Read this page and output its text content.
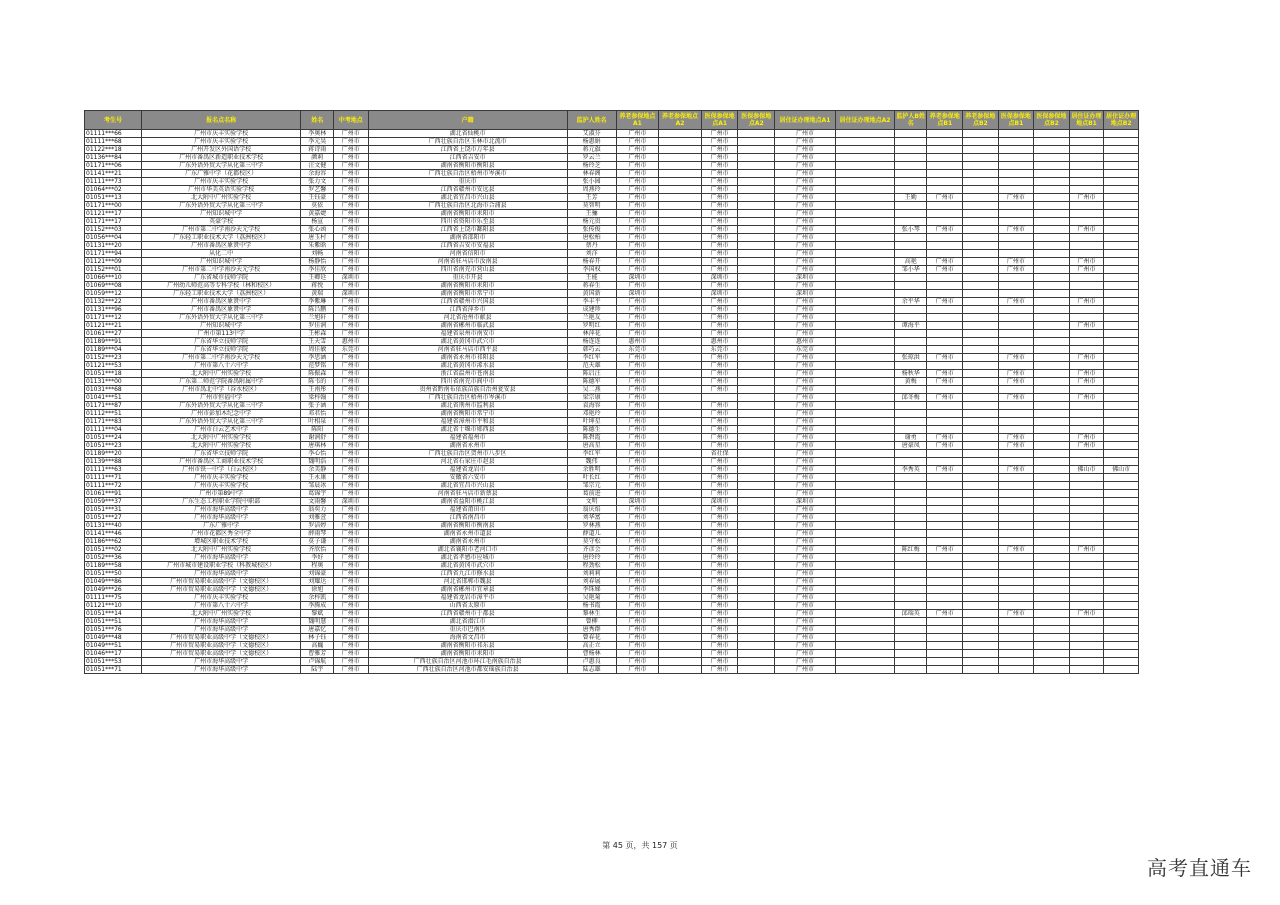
考生号	报名点名称	姓名	中考地点	户籍	监护人姓名	养老参保地点A1	养老参保地点A2	医保参保地点A1	医保参保地点A2	居住证办理地点A1	居住证办理地点A2	监护人B姓名	养老参保地点B1	养老参保地点B2	医保参保地点B1	医保参保地点B2	居住证办理地点B1	居住证办理地点B2
01111***66	广州市庆丰实验学校	李奥林	广州市	湖北省仙桃市	艾淑芬	广州市		广州市		广州市								
01111***68	广州市庆丰实验学校	李元昊	广州市	广西壮族自治区玉林市北流市	杨惠娟	广州市		广州市		广州市								
01122***18	广州开发区外国语学校	蒋诗雨	广州市	江西省上饶市万年县	蒋元旗	广州市		广州市		广州市								
01136***84	广州市番禺区新造职业技术学校	颜莉	广州市	江西省吉安市	罗云兰	广州市		广州市		广州市								
01171***06	广东外语外贸大学从化第三中学	汪文健	广州市	湖南省衡阳市衡阳县	杨玲芝	广州市		广州市		广州市								
01141***21	广东广雅中学（花都校区）	余海容	广州市	广西壮族自治区梧州市岑溪市	林春阁	广州市		广州市		广州市								
01111***73	广州市庆丰实验学校	张力文	广州市	重庆市	张小园	广州市		广州市		广州市								
01064***02	广州市华美英语实验学校	罗艺馨	广州市	江西省赣州市安远县	周燕玲	广州市		广州市		广州市								
01051***13	北大附中广州实验学校	王钰豪	广州市	湖北省宜昌市兴山县	王芳	广州市		广州市		广州市		王勤	广州市		广州市		广州市	
01171***00	广东外语外贸大学从化第三中学	莫依	广州市	广西壮族自治区北海市合浦县	莫智明	广州市		广州市		广州市								
01121***17	广州知识城中学	黄嘉婕	广州市	湖南省衡阳市耒阳市	王骊	广州市		广州市		广州市								
01171***17	英豪学校	杨宣	广州市	四川省资阳市乐至县	杨元贵	广州市		广州市		广州市								
01152***03	广州市第二中学南沙天元学校	张心函	广州市	江西省上饶市鄱阳县	张传俊	广州市		广州市		广州市		张小琴	广州市		广州市		广州市	
01056***04	广东轻工职业技术大学（荔洲校区）	唐玉村	广州市	湖南省邵阳市	唐松柏	广州市		广州市		广州市								
01131***20	广州市番禺区象贤中学	朱紫晗	广州市	江西省吉安市安福县	蔡丹	广州市		广州市		广州市								
01171***94	从化二中	刘畅	广州市	河南省信阳市	刘洋	广州市		广州市		广州市								
01121***09	广州知识城中学	杨静怡	广州市	河南省驻马店市汝南县	杨春开	广州市		广州市		广州市		高艳	广州市		广州市		广州市	
01152***01	广州市第二中学南沙天元学校	李佳欣	广州市	四川省南充市营山县	李国权	广州市		广州市		广州市		邹小华	广州市		广州市		广州市	
01066***10	广东省城市技师学院	王卿廷	深圳市	重庆市开县	王能	深圳市		深圳市		深圳市								
01069***08	广州幼儿师范高等专科学校（林和校区）	蒋悦	广州市	湖南省衡阳市耒阳市	蒋春生	广州市		广州市		广州市								
01059***12	广东轻工职业技术大学（荔洲校区）	黄瑞	深圳市	湖南省衡阳市常宁市	黄国新	深圳市		深圳市		深圳市								
01132***22	广州市番禺区象贤中学	李紫琳	广州市	江西省赣州市兴国县	李丰平	广州市		广州市		广州市		余平华	广州市		广州市		广州市	
01131***96	广州市番禺区象贤中学	陈吕鹏	广州市	江西省萍乡市	成建珍	广州市		广州市		广州市								
01171***12	广东外语外贸大学从化第三中学	兰旭轩	广州市	河北省沧州市献县	兰艳友	广州市		广州市		广州市								
01121***21	广州知识城中学	罗佳润	广州市	湖南省郴州市临武县	罗明红	广州市		广州市		广州市		谭海平					广州市	
01061***27	广州市第113中学	王彬森	广州市	福建省泉州市南安市	林萍花	广州市		广州市		广州市								
01189***91	广东省华立技师学院	王天雪	惠州市	湖北省黄冈市武穴市	杨连连	惠州市		惠州市		惠州市								
01189***04	广东省华立技师学院	周佳敏	东莞市	河南省驻马店市西平县	韩巧云	东莞市		东莞市		东莞市								
01152***23	广州市第二中学南沙天元学校	李思涵	广州市	湖南省永州市祁阳县	李红军	广州市		广州市		广州市		张琼洪	广州市		广州市		广州市	
01121***53	广州市第八十六中学	范梦铭	广州市	湖北省黄冈市浠水县	范天雄	广州市		广州市		广州市								
01051***18	北大附中广州实验学校	陈振森	广州市	浙江省温州市苍南县	陈启汪	广州市		广州市		广州市		杨秋华	广州市		广州市		广州市	
01131***00	广东第二师范学院番禺附属中学	陈韦的	广州市	四川省南充市阆中市	陈德军	广州市		广州市		广州市		黄梅	广州市		广州市		广州市	
01031***68	广州市禺北中学（谷水校区）	王南彤	广州市	贵州省黔南布依族苗族自治州瓮安县	吴二燕	广州市		广州市		广州市								
01041***51	广州市恒福中学	梁梓翰	广州市	广西壮族自治区梧州市岑溪市	梁宗康	广州市				广州市		邱冬梅	广州市		广州市		广州市	
01171***87	广东外语外贸大学从化第三中学	张子涵	广州市	湖北省荆州市监利县	袁海容	广州市		广州市		广州市								
01112***51	广州市彭加木纪念中学	邓君怡	广州市	湖南省衡阳市常宁市	邓艳玲	广州市		广州市		广州市								
01171***83	广东外语外贸大学从化第三中学	叶相泉	广州市	福建省漳州市平和县	叶坤星	广州市		广州市		广州市								
01111***04	广州市白云艺术中学	陈阳	广州市	湖北省十堰市郧西县	陈德生	广州市		广州市		广州市								
01051***24	北大附中广州实验学校	谢润舒	广州市	福建省福州市	陈碧霞	广州市		广州市		广州市		谢勇	广州市		广州市		广州市	
01051***23	北大附中广州实验学校	唐琪林	广州市	湖南省永州市	唐高星	广州市		广州市		广州市		唐豪凤	广州市		广州市		广州市	
01189***20	广东省华立技师学院	李心怡	广州市	广西壮族自治区贺州市八步区	李红军	广州市		省社保		广州市								
01139***88	广州市番禺区工商职业技术学校	魏明浩	广州市	河北省石家庄市赵县	魏伟	广州市		广州市		广州市								
01111***63	广州市铁一中学（白云校区）	余美静	广州市	福建省龙岩市	余胜明	广州市		广州市		广州市		李秀英	广州市		广州市		佛山市	佛山市
01111***71	广州市庆丰实验学校	王永康	广州市	安徽省六安市	叶长红	广州市		广州市		广州市								
01111***72	广州市庆丰实验学校	邹晨冰	广州市	湖北省宜昌市兴山县	邹宗元	广州市		广州市		广州市								
01061***91	广州市第89中学	葛锦宇	广州市	河南省驻马店市新蔡县	葛前进	广州市		广州市		广州市								
01059***37	广东生态工程职业学院中职部	文雨馨	深圳市	湖南省益阳市桃江县	文明	深圳市		深圳市		深圳市								
01051***31	广州市海华高级中学	翁奕力	广州市	福建省莆田市	翁庆焰	广州市		广州市		广州市								
01051***27	广州市海华高级中学	刘雅萱	广州市	江西省南昌市	刘华富	广州市		广州市		广州市								
01131***40	广东广雅中学	罗洁婷	广州市	湖南省衡阳市衡南县	罗林燕	广州市		广州市		广州市								
01141***46	广州市花都区秀全中学	薛雨琴	广州市	湖南省永州市道县	薛道儿	广州市		广州市		广州市								
01186***62	增城区职业技术学校	莫子谦	广州市	湖南省永州市	莫守松	广州市		广州市		广州市								
01051***02	北大附中广州实验学校	齐欣怡	广州市	湖北省襄阳市老河口市	齐彦会	广州市		广州市		广州市		陈红梅	广州市		广州市		广州市	
01052***36	广州市海华高级中学	李好	广州市	湖北省孝感市应城市	唐玲玲	广州市		广州市		广州市								
01189***58	广州市城市建设职业学校（科教城校区）	程奥	广州市	湖北省黄冈市武穴市	程劲松	广州市		广州市		广州市								
01051***50	广州市海华高级中学	刘锦豪	广州市	江西省九江市修水县	刘莉莉	广州市		广州市		广州市								
01049***86	广州市贸易职业高级中学（文德校区）	刘耀达	广州市	河北省邯郸市魏县	刘春展	广州市		广州市		广州市								
01049***26	广州市贸易职业高级中学（文德校区）	徐旭	广州市	湖南省郴州市宜章县	李珠娣	广州市		广州市		广州市								
01111***75	广州市庆丰实验学校	余梓凯	广州市	福建省龙岩市漳平市	吴艳菊	广州市		广州市		广州市								
01121***10	广州市第八十六中学	李腾成	广州市	山西省太原市	杨书霞	广州市		广州市		广州市								
01051***14	北大附中广州实验学校	黎斌	广州市	江西省赣州市于都县	黎林生	广州市		广州市		广州市		邱瑞英	广州市		广州市		广州市	
01051***51	广州市海华高级中学	魏明慧	广州市	湖北省潜江市	曾柳	广州市		广州市		广州市								
01051***76	广州市海华高级中学	唐嘉忆	广州市	重庆市巴南区	唐秀群	广州市		广州市		广州市								
01049***48	广州市贸易职业高级中学（文德校区）	林子钰	广州市	海南省文昌市	曾春花	广州市		广州市		广州市								
01049***51	广州市贸易职业高级中学（文德校区）	高巍	广州市	湖南省衡阳市祁东县	高正立	广州市		广州市		广州市								
01046***17	广州市贸易职业高级中学（文德校区）	曹雅芳	广州市	湖南省衡阳市耒阳市	曹杨林	广州市		广州市		广州市								
01051***53	广州市海华高级中学	卢锦航	广州市	广西壮族自治区河池市环江毛南族自治县	卢惠良	广州市		广州市		广州市								
01051***71	广州市海华高级中学	陆宇	广州市	广西壮族自治区河池市都安瑶族自治县	陆志雄	广州市		广州市		广州市								
第 45 页，共 157 页
高考直通车
